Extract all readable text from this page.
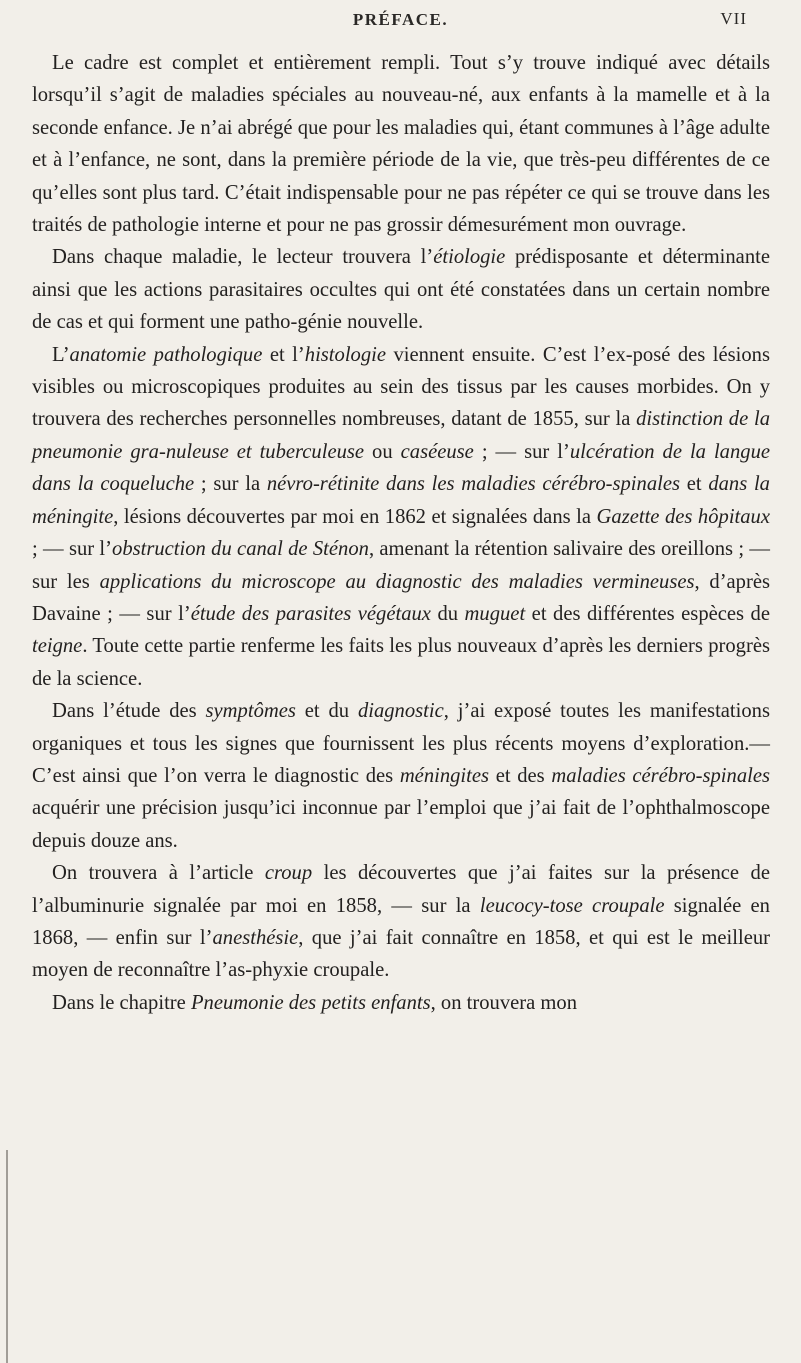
PRÉFACE.	VII

Le cadre est complet et entièrement rempli. Tout s’y trouve indiqué avec détails lorsqu’il s’agit de maladies spéciales au nouveau-né, aux enfants à la mamelle et à la seconde enfance. Je n’ai abrégé que pour les maladies qui, étant communes à l’âge adulte et à l’enfance, ne sont, dans la première période de la vie, que très-peu différentes de ce qu’elles sont plus tard. C’était indispensable pour ne pas répéter ce qui se trouve dans les traités de pathologie interne et pour ne pas grossir démesurément mon ouvrage.

Dans chaque maladie, le lecteur trouvera l’étiologie prédisposante et déterminante ainsi que les actions parasitaires occultes qui ont été constatées dans un certain nombre de cas et qui forment une patho-génie nouvelle.

L’anatomie pathologique et l’histologie viennent ensuite. C’est l’ex-posé des lésions visibles ou microscopiques produites au sein des tissus par les causes morbides. On y trouvera des recherches personnelles nombreuses, datant de 1855, sur la distinction de la pneumonie gra-nuleuse et tuberculeuse ou caséeuse ; — sur l’ulcération de la langue dans la coqueluche ; sur la névro-rétinite dans les maladies cérébro-spinales et dans la méningite, lésions découvertes par moi en 1862 et signalées dans la Gazette des hôpitaux ; — sur l’obstruction du canal de Sténon, amenant la rétention salivaire des oreillons ; — sur les applications du microscope au diagnostic des maladies vermineuses, d’après Davaine ; — sur l’étude des parasites végétaux du muguet et des différentes espèces de teigne. Toute cette partie renferme les faits les plus nouveaux d’après les derniers progrès de la science.

Dans l’étude des symptômes et du diagnostic, j’ai exposé toutes les manifestations organiques et tous les signes que fournissent les plus récents moyens d’exploration.— C’est ainsi que l’on verra le diagnostic des méningites et des maladies cérébro-spinales acquérir une précision jusqu’ici inconnue par l’emploi que j’ai fait de l’ophthalmoscope depuis douze ans.

On trouvera à l’article croup les découvertes que j’ai faites sur la présence de l’albuminurie signalée par moi en 1858, — sur la leucocy-tose croupale signalée en 1868, — enfin sur l’anesthésie, que j’ai fait connaître en 1858, et qui est le meilleur moyen de reconnaître l’as-phyxie croupale.

Dans le chapitre Pneumonie des petits enfants, on trouvera mon
